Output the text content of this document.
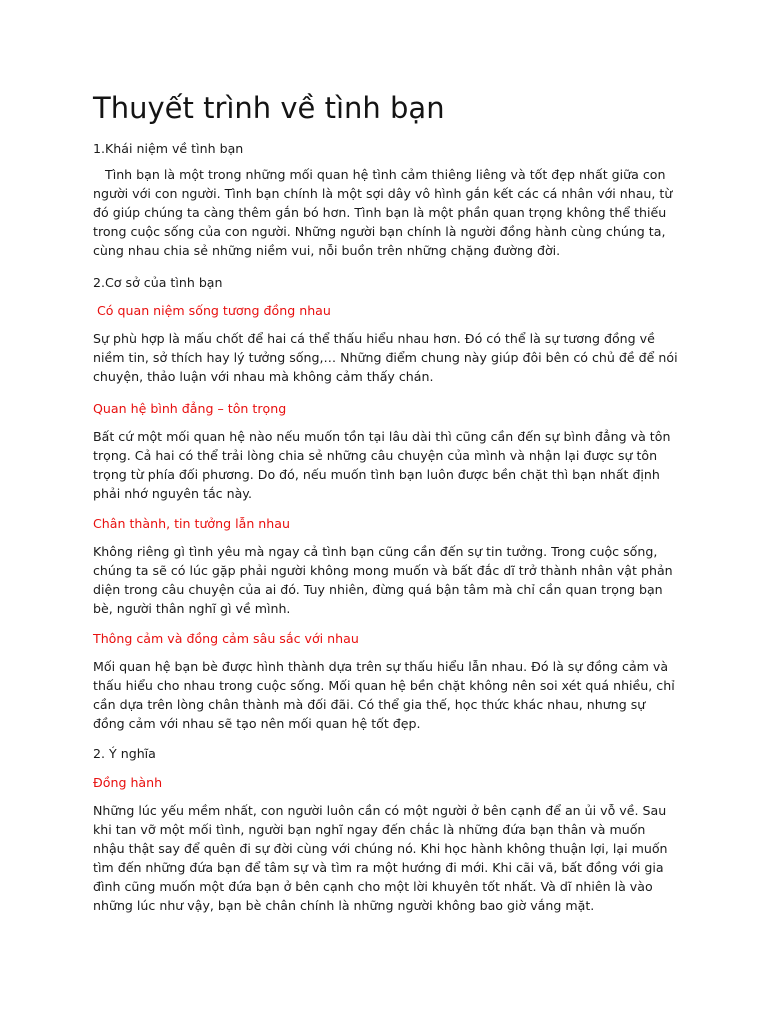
Thuyết trình về tình bạn

1.Khái niệm về tình bạn

Tình bạn là một trong những mối quan hệ tình cảm thiêng liêng và tốt đẹp nhất giữa con

người với con người. Tình bạn chính là một sợi dây vô hình gắn kết các cá nhân với nhau, từ

đó giúp chúng ta càng thêm gắn bó hơn. Tình bạn là một phần quan trọng không thể thiếu

trong cuộc sống của con người. Những người bạn chính là người đồng hành cùng chúng ta,

cùng nhau chia sẻ những niềm vui, nỗi buồn trên những chặng đường đời.

2.Cơ sở của tình bạn

Có quan niệm sống tương đồng nhau

Sự phù hợp là mấu chốt để hai cá thể thấu hiểu nhau hơn. Đó có thể là sự tương đồng về

niềm tin, sở thích hay lý tưởng sống,… Những điểm chung này giúp đôi bên có chủ đề để nói

chuyện, thảo luận với nhau mà không cảm thấy chán.

Quan hệ bình đẳng – tôn trọng

Bất cứ một mối quan hệ nào nếu muốn tồn tại lâu dài thì cũng cần đến sự bình đẳng và tôn

trọng. Cả hai có thể trải lòng chia sẻ những câu chuyện của mình và nhận lại được sự tôn

trọng từ phía đối phương. Do đó, nếu muốn tình bạn luôn được bền chặt thì bạn nhất định

phải nhớ nguyên tắc này.

Chân thành, tin tưởng lẫn nhau

Không riêng gì tình yêu mà ngay cả tình bạn cũng cần đến sự tin tưởng. Trong cuộc sống,

chúng ta sẽ có lúc gặp phải người không mong muốn và bất đắc dĩ trở thành nhân vật phản

diện trong câu chuyện của ai đó. Tuy nhiên, đừng quá bận tâm mà chỉ cần quan trọng bạn

bè, người thân nghĩ gì về mình.

Thông cảm và đồng cảm sâu sắc với nhau

Mối quan hệ bạn bè được hình thành dựa trên sự thấu hiểu lẫn nhau. Đó là sự đồng cảm và

thấu hiểu cho nhau trong cuộc sống. Mối quan hệ bền chặt không nên soi xét quá nhiều, chỉ

cần dựa trên lòng chân thành mà đối đãi. Có thể gia thế, học thức khác nhau, nhưng sự

đồng cảm với nhau sẽ tạo nên mối quan hệ tốt đẹp.

2. Ý nghĩa

Đồng hành

Những lúc yếu mềm nhất, con người luôn cần có một người ở bên cạnh để an ủi vỗ về. Sau

khi tan vỡ một mối tình, người bạn nghĩ ngay đến chắc là những đứa bạn thân và muốn

nhậu thật say để quên đi sự đời cùng với chúng nó. Khi học hành không thuận lợi, lại muốn

tìm đến những đứa bạn để tâm sự và tìm ra một hướng đi mới. Khi cãi vã, bất đồng với gia

đình cũng muốn một đứa bạn ở bên cạnh cho một lời khuyên tốt nhất. Và dĩ nhiên là vào

những lúc như vậy, bạn bè chân chính là những người không bao giờ vắng mặt.
